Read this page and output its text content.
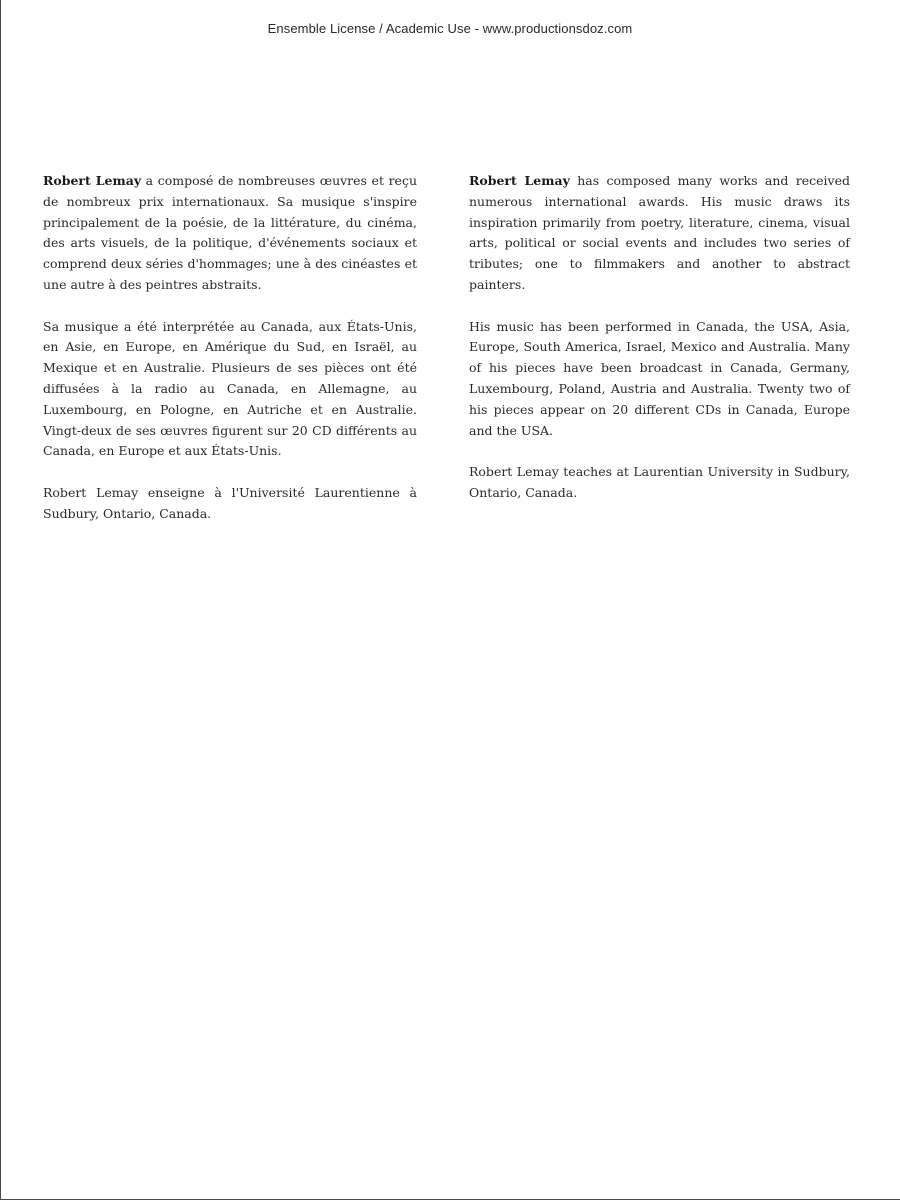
Ensemble License / Academic Use - www.productionsdoz.com

Robert Lemay a composé de nombreuses œuvres et reçu de nombreux prix internationaux. Sa musique s'inspire principalement de la poésie, de la littérature, du cinéma, des arts visuels, de la politique, d'événements sociaux et comprend deux séries d'hommages; une à des cinéastes et une autre à des peintres abstraits.

Sa musique a été interprétée au Canada, aux États-Unis, en Asie, en Europe, en Amérique du Sud, en Israël, au Mexique et en Australie. Plusieurs de ses pièces ont été diffusées à la radio au Canada, en Allemagne, au Luxembourg, en Pologne, en Autriche et en Australie. Vingt-deux de ses œuvres figurent sur 20 CD différents au Canada, en Europe et aux États-Unis.

Robert Lemay enseigne à l'Université Laurentienne à Sudbury, Ontario, Canada.

Robert Lemay has composed many works and received numerous international awards. His music draws its inspiration primarily from poetry, literature, cinema, visual arts, political or social events and includes two series of tributes; one to filmmakers and another to abstract painters.

His music has been performed in Canada, the USA, Asia, Europe, South America, Israel, Mexico and Australia. Many of his pieces have been broadcast in Canada, Germany, Luxembourg, Poland, Austria and Australia. Twenty two of his pieces appear on 20 different CDs in Canada, Europe and the USA.

Robert Lemay teaches at Laurentian University in Sudbury, Ontario, Canada.
